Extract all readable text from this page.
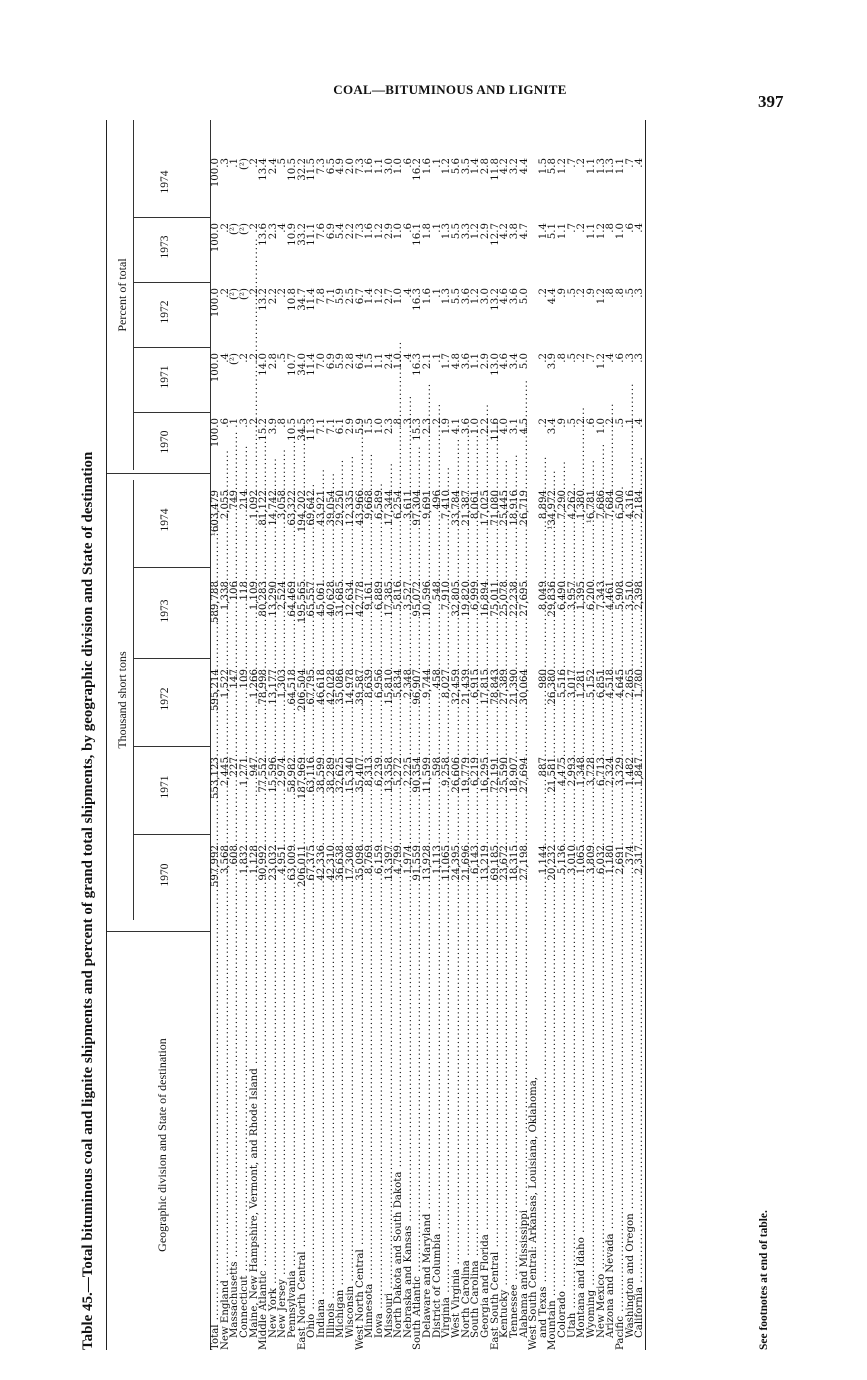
COAL—BITUMINOUS AND LIGNITE
397
Table 45.—Total bituminous coal and lignite shipments and percent of grand total shipments, by geographic division and State of destination	Geographic division and State of destination
Thousand short tons
Percent of total
1970
1970
1971
1971
1972
1972
1973
1973
1974
1974
Total .....
597,992
553,123
595,214
589,788
¹603,479
100.0
100.0
100.0
100.0
100.0
New England .....
3,568
2,445
1,522
1,338
2,055
.6
.4
.2
.2
.3
Massachusetts .....
608
227
147
106
749
.1
(²)
(²)
(²)
.1
Connecticut .....
1,832
1,271
109
118
214
.3
.2
(²)
(²)
(²)
Maine, New Hampshire, Vermont, and Rhode Island .....
1,128
947
1,266
1,109
1,092
.2
.2
.2
.2
.2
Middle Atlantic .....
90,992
77,552
78,998
80,283
81,122
15.2
14.0
13.2
13.6
13.4
New York .....
23,032
15,596
13,177
13,290
14,742
3.9
2.8
2.2
2.3
2.4
New Jersey .....
4,951
2,974
1,303
2,524
3,058
.8
.5
.2
.4
.5
Pennsylvania .....
63,009
58,982
64,518
64,469
63,322
10.5
10.7
10.8
10.9
10.5
East North Central .....
206,011
187,969
206,504
195,565
194,202
34.5
34.0
34.7
33.2
32.2
Ohio .....
67,375
63,116
67,795
65,557
69,642
11.3
11.4
11.4
11.1
11.5
Indiana .....
42,336
38,599
46,618
45,061
43,921
7.1
7.0
7.8
7.6
7.3
Illinois .....
42,310
38,289
42,028
40,628
39,054
7.1
6.9
7.1
6.9
6.5
Michigan .....
36,638
32,625
35,086
31,685
29,250
6.1
5.9
5.9
5.4
4.9
Wisconsin .....
17,308
15,340
14,978
12,634
12,335
2.9
2.8
2.5
2.2
2.0
West North Central .....
35,098
35,407
39,587
42,778
43,966
5.9
6.4
6.7
7.3
7.3
Minnesota .....
8,769
8,313
8,639
9,161
9,668
1.5
1.5
1.4
1.6
1.6
Iowa .....
6,159
6,239
6,956
6,889
6,589
1.0
1.1
1.2
1.2
1.1
Missouri .....
13,397
13,358
15,810
17,385
17,344
2.3
2.4
2.7
2.9
3.0
North Dakota and South Dakota .....
4,799
5,272
5,834
5,816
6,254
.8
1.0
1.0
1.0
1.0
Nebraska and Kansas .....
1,974
2,225
2,348
3,527
3,611
.3
.4
.4
.6
.6
South Atlantic .....
91,559
90,354
96,907
95,072
97,304
15.3
16.3
16.3
16.1
16.2
Delaware and Maryland .....
13,928
11,599
9,744
10,596
9,691
2.3
2.1
1.6
1.8
1.6
District of Columbia .....
1,113
598
458
548
496
.2
.1
.1
.1
.1
Virginia .....
11,065
9,258
8,027
7,910
7,410
1.9
1.7
1.3
1.3
1.2
West Virginia .....
24,395
26,606
32,459
32,805
33,784
4.1
4.8
5.5
5.5
5.6
North Carolina .....
21,696
19,779
21,439
19,820
21,387
3.6
3.6
3.6
3.3
3.5
South Carolina .....
6,143
6,219
6,915
6,999
8,061
1.0
1.1
1.2
1.2
1.4
Georgia and Florida .....
13,219
16,295
17,815
16,894
17,025
2.2
2.9
3.0
2.9
2.8
East South Central .....
69,185
72,191
78,843
75,011
71,080
11.6
13.0
13.2
12.7
11.8
Kentucky .....
23,672
25,590
27,389
25,078
25,445
4.0
4.6
4.6
4.2
4.2
Tennessee .....
18,315
18,907
21,390
22,238
18,916
3.1
3.4
3.6
3.8
3.2
Alabama and Mississippi .....
27,198
27,694
30,064
27,695
26,719
4.5
5.0
5.0
4.7
4.4
West South Central: Arkansas, Louisiana, Oklahoma,
and Texas .....
1,144
887
980
8,049
8,894
.2
.2
.2
1.4
1.5
Mountain .....
20,232
21,581
26,380
29,836
¹34,972
3.4
3.9
4.4
5.1
5.8
Colorado .....
5,136
4,475
5,516
6,490
7,290
.9
.8
.9
1.1
1.2
Utah .....
3,010
2,993
3,017
3,957
4,262
.5
.5
.5
.7
.7
Montana and Idaho .....
1,065
1,348
1,281
1,395
1,380
.2
.2
.2
.2
.2
Wyoming .....
3,809
3,728
5,152
6,200
¹6,781
.6
.7
.9
1.1
1.1
New Mexico .....
6,032
6,713
6,851
7,343
7,686
1.0
1.2
1.2
1.2
1.3
Arizona and Nevada .....
1,180
2,324
4,518
4,461
7,684
.2
.4
.8
.8
1.3
Pacific .....
2,691
3,329
4,645
5,908
6,500
.5
.6
.8
1.0
1.1
Washington and Oregon .....
374
1,482
2,865
3,510
4,316
.1
.3
.5
.6
.7
California .....
2,317
1,847
1,780
2,398
2,184
.4
.3
.3
.4
.4
See footnotes at end of table.
